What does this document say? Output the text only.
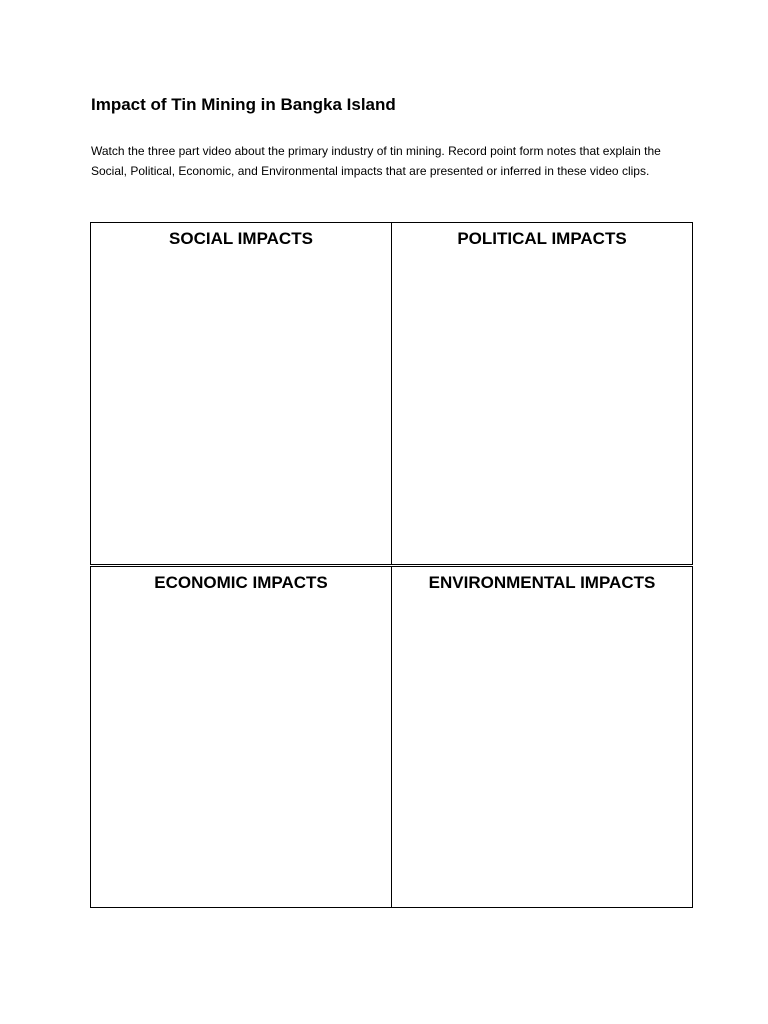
Impact of Tin Mining in Bangka Island

Watch the three part video about the primary industry of tin mining. Record point form notes that explain the Social, Political, Economic, and Environmental impacts that are presented or inferred in these video clips.

SOCIAL IMPACTS	POLITICAL IMPACTS

ECONOMIC IMPACTS	ENVIRONMENTAL IMPACTS
